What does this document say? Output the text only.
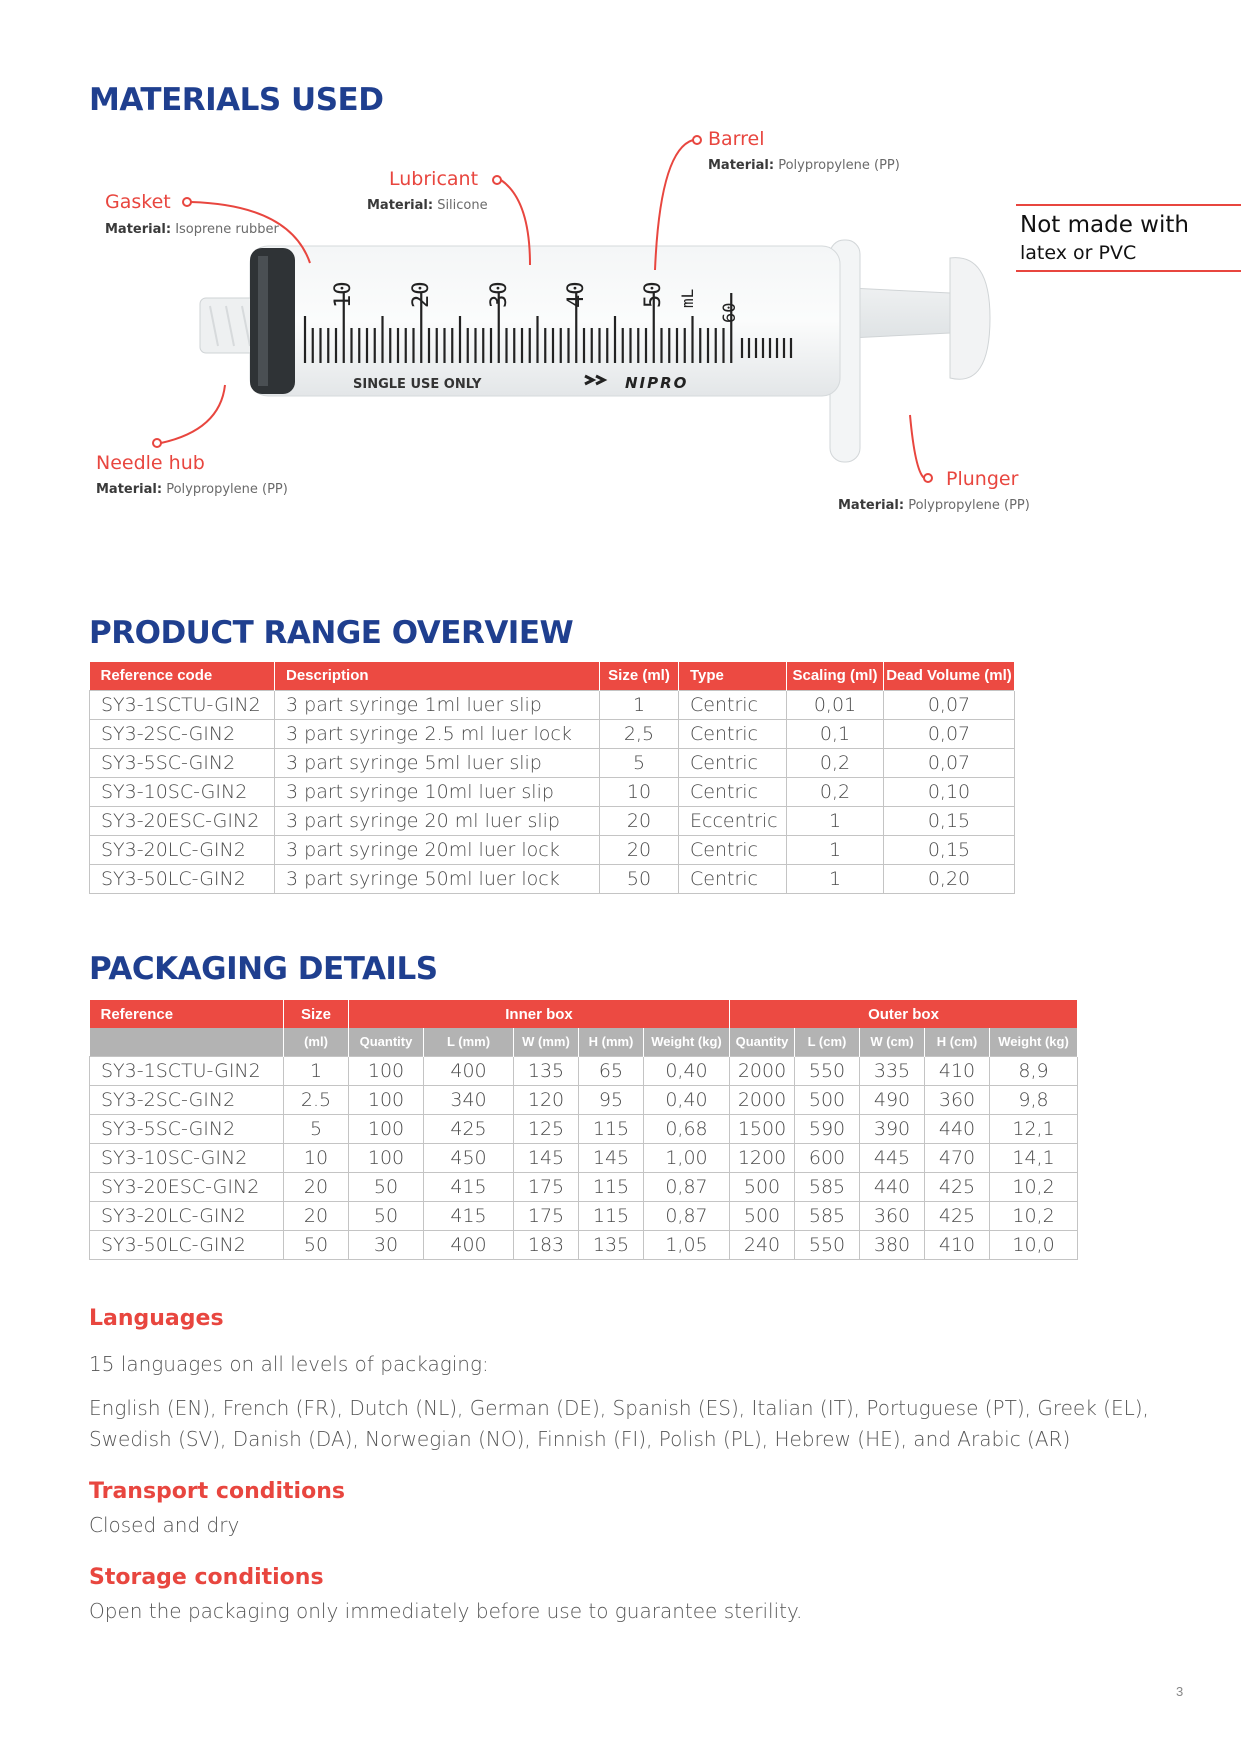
MATERIALS USED
10 20 30 40 50 mL
60
SINGLE USE ONLY	NIPRO
Barrel
Material: Polypropylene (PP)
Lubricant
Material: Silicone
Gasket
Material: Isoprene rubber
Needle hub
Material: Polypropylene (PP)	Plunger
Material: Polypropylene (PP)
Not made with
latex or PVC
PRODUCT RANGE OVERVIEW
Reference code	Description	Size (ml)	Type	Scaling (ml)	Dead Volume (ml)
SY3-1SCTU-GIN2	3 part syringe 1ml luer slip	1	Centric	0,01	0,07
SY3-2SC-GIN2	3 part syringe 2.5 ml luer lock	2,5	Centric	0,1	0,07
SY3-5SC-GIN2	3 part syringe 5ml luer slip	5	Centric	0,2	0,07
SY3-10SC-GIN2	3 part syringe 10ml luer slip	10	Centric	0,2	0,10
SY3-20ESC-GIN2	3 part syringe 20 ml luer slip	20	Eccentric	1	0,15
SY3-20LC-GIN2	3 part syringe 20ml luer lock	20	Centric	1	0,15
SY3-50LC-GIN2	3 part syringe 50ml luer lock	50	Centric	1	0,20
PACKAGING DETAILS
Reference	Size	Inner box					Outer box				
	(ml)	Quantity	L (mm)	W (mm)	H (mm)	Weight (kg)	Quantity	L (cm)	W (cm)	H (cm)	Weight (kg)
SY3-1SCTU-GIN2	1	100	400	135	65	0,40	2000	550	335	410	8,9
SY3-2SC-GIN2	2.5	100	340	120	95	0,40	2000	500	490	360	9,8
SY3-5SC-GIN2	5	100	425	125	115	0,68	1500	590	390	440	12,1
SY3-10SC-GIN2	10	100	450	145	145	1,00	1200	600	445	470	14,1
SY3-20ESC-GIN2	20	50	415	175	115	0,87	500	585	440	425	10,2
SY3-20LC-GIN2	20	50	415	175	115	0,87	500	585	360	425	10,2
SY3-50LC-GIN2	50	30	400	183	135	1,05	240	550	380	410	10,0
Languages

15 languages on all levels of packaging:

English (EN), French (FR), Dutch (NL), German (DE), Spanish (ES), Italian (IT), Portuguese (PT), Greek (EL),
Swedish (SV), Danish (DA), Norwegian (NO), Finnish (FI), Polish (PL), Hebrew (HE), and Arabic (AR)

Transport conditions

Closed and dry

Storage conditions

Open the packaging only immediately before use to guarantee sterility.

3
